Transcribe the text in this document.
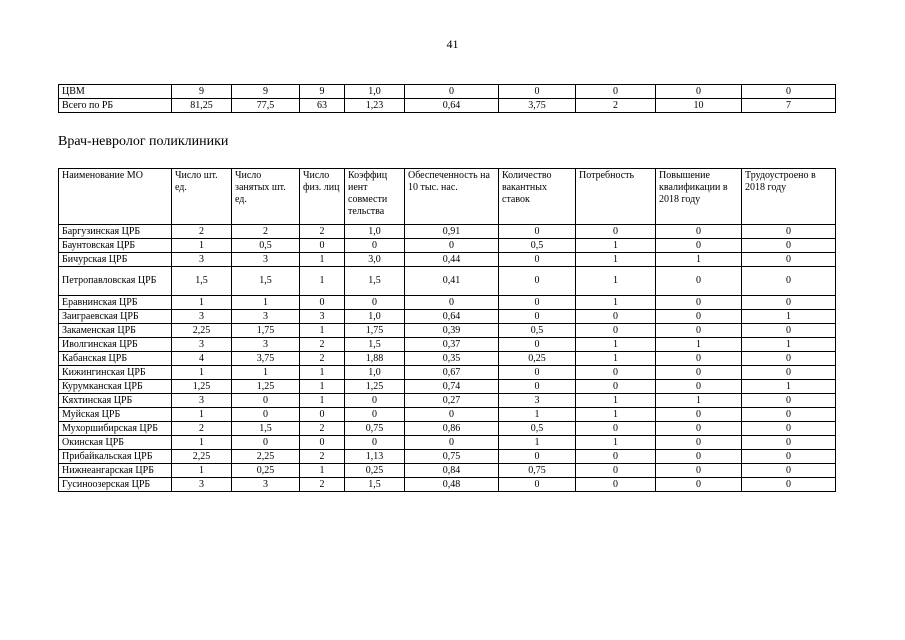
41
ЦВМ	9	9	9	1,0	0	0	0	0	0
Всего по РБ	81,25	77,5	63	1,23	0,64	3,75	2	10	7
Врач-невролог поликлиники
Наименование МО	Число шт. ед.	Число занятых шт. ед.	Число физ. лиц	Коэффиц иент совмести тельства	Обеспеченность на 10 тыс. нас.	Количество вакантных ставок	Потребность	Повышение квалификации в 2018 году	Трудоустроено в 2018 году
Баргузинская ЦРБ	2	2	2	1,0	0,91	0	0	0	0
Баунтовская ЦРБ	1	0,5	0	0	0	0,5	1	0	0
Бичурская ЦРБ	3	3	1	3,0	0,44	0	1	1	0
Петропавловская ЦРБ	1,5	1,5	1	1,5	0,41	0	1	0	0
Еравнинская ЦРБ	1	1	0	0	0	0	1	0	0
Заиграевская ЦРБ	3	3	3	1,0	0,64	0	0	0	1
Закаменская ЦРБ	2,25	1,75	1	1,75	0,39	0,5	0	0	0
Иволгинская ЦРБ	3	3	2	1,5	0,37	0	1	1	1
Кабанская ЦРБ	4	3,75	2	1,88	0,35	0,25	1	0	0
Кижингинская ЦРБ	1	1	1	1,0	0,67	0	0	0	0
Курумканская ЦРБ	1,25	1,25	1	1,25	0,74	0	0	0	1
Кяхтинская ЦРБ	3	0	1	0	0,27	3	1	1	0
Муйская ЦРБ	1	0	0	0	0	1	1	0	0
Мухоршибирская ЦРБ	2	1,5	2	0,75	0,86	0,5	0	0	0
Окинская ЦРБ	1	0	0	0	0	1	1	0	0
Прибайкальская ЦРБ	2,25	2,25	2	1,13	0,75	0	0	0	0
Нижнеангарская ЦРБ	1	0,25	1	0,25	0,84	0,75	0	0	0
Гусиноозерская ЦРБ	3	3	2	1,5	0,48	0	0	0	0
